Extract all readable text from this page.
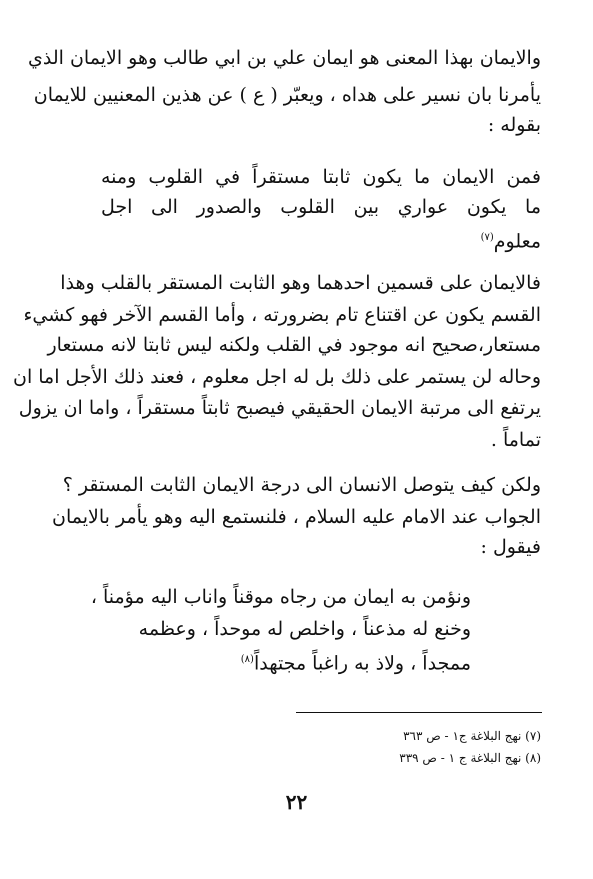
والايمان بهذا المعنى هو ايمان علي بن ابي طالب وهو الايمان الذي
يأمرنا بان نسير على هداه ، ويعبّر ( ع ) عن هذين المعنيين للايمان
بقوله :
فمن الايمان ما يكون ثابتا مستقراً في القلوب ومنه
ما يكون عواري بين القلوب والصدور الى اجل
معلوم$^{(٧)}$
فالايمان على قسمين احدهما وهو الثابت المستقر بالقلب وهذا
القسم يكون عن اقتناع تام بضرورته ، وأما القسم الآخر فهو كشيء
مستعار،صحيح انه موجود في القلب ولكنه ليس ثابتا لانه مستعار
وحاله لن يستمر على ذلك بل له اجل معلوم ، فعند ذلك الأجل اما ان
يرتفع الى مرتبة الايمان الحقيقي فيصبح ثابتاً مستقراً ، واما ان يزول
تماماً .
ولكن كيف يتوصل الانسان الى درجة الايمان الثابت المستقر ؟
الجواب عند الامام عليه السلام ، فلنستمع اليه وهو يأمر بالايمان
فيقول :
ونؤمن به ايمان من رجاه موقناً واناب اليه مؤمناً ،
وخنع له مذعناً ، واخلص له موحداً ، وعظمه
ممجداً ، ولاذ به راغباً مجتهداً$^{(٨)}$
(٧) نهج البلاغة ج١ - ص ٣٦٣
(٨) نهج البلاغة ج ١ - ص ٣٣٩
٢٢
